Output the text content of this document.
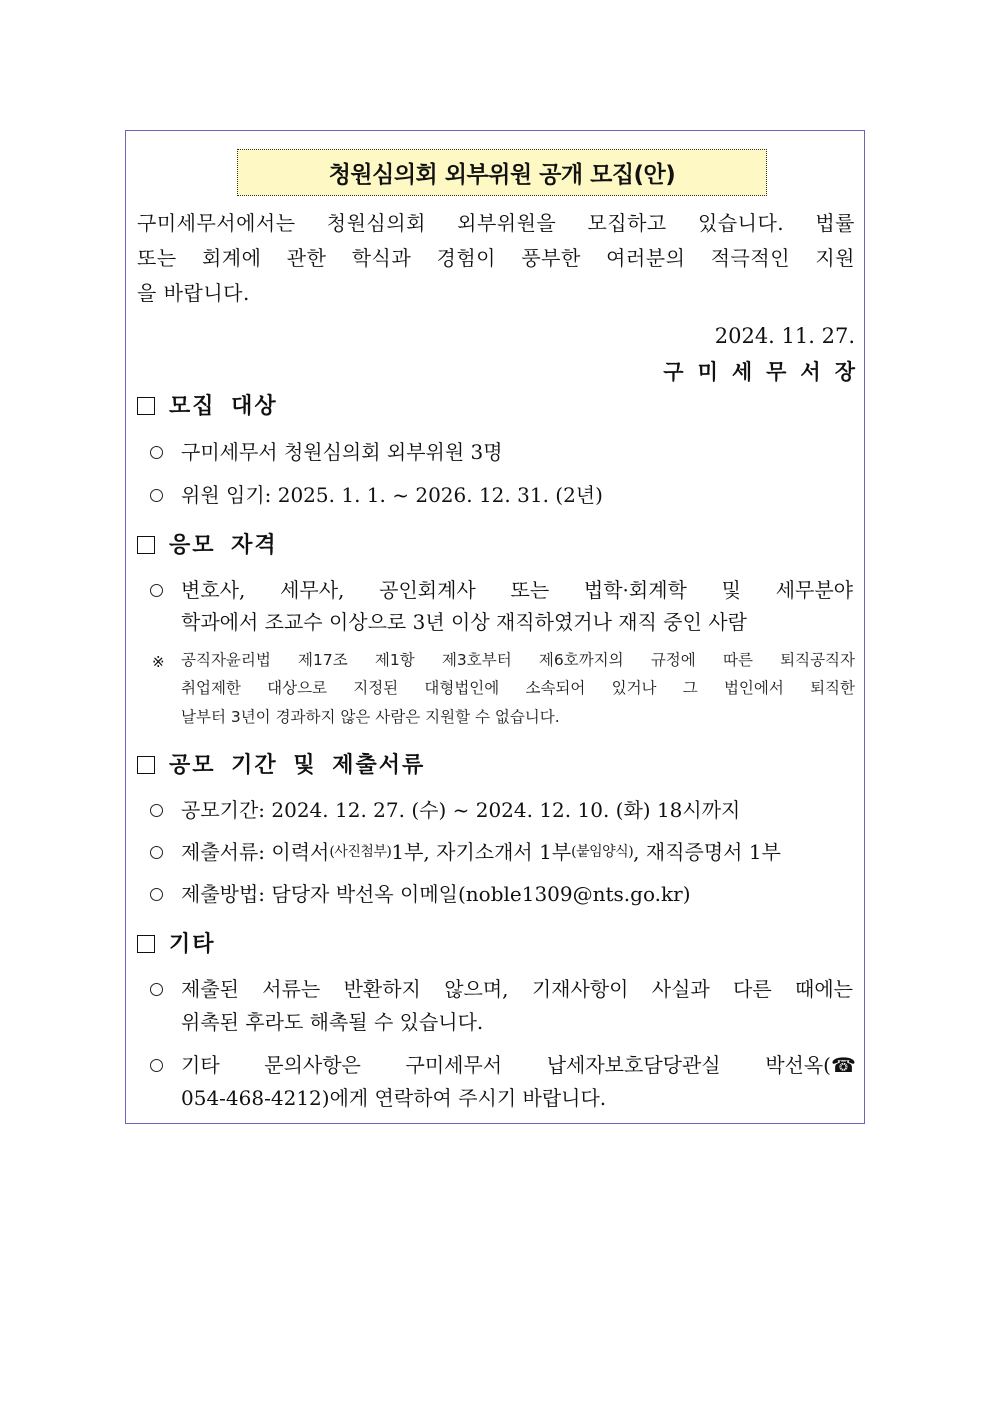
청원심의회 외부위원 공개 모집(안)
구미세무서에서는 청원심의회 외부위원을 모집하고 있습니다. 법률
또는 회계에 관한 학식과 경험이 풍부한 여러분의 적극적인 지원
을 바랍니다.
2024. 11. 27.
구미세무서장
모집 대상
구미세무서 청원심의회 외부위원 3명
위원 임기: 2025. 1. 1. ~ 2026. 12. 31. (2년)
응모 자격
변호사, 세무사, 공인회계사 또는 법학·회계학 및 세무분야
학과에서 조교수 이상으로 3년 이상 재직하였거나 재직 중인 사람
※ 공직자윤리법 제17조 제1항 제3호부터 제6호까지의 규정에 따른 퇴직공직자
취업제한 대상으로 지정된 대형법인에 소속되어 있거나 그 법인에서 퇴직한
날부터 3년이 경과하지 않은 사람은 지원할 수 없습니다.
공모 기간 및 제출서류
공모기간: 2024. 12. 27. (수) ~ 2024. 12. 10. (화) 18시까지
제출서류: 이력서 (사진첨부) 1부, 자기소개서 1부 (붙임양식) , 재직증명서 1부
제출방법: 담당자 박선옥 이메일(noble1309@nts.go.kr)
기타
제출된 서류는 반환하지 않으며, 기재사항이 사실과 다른 때에는
위촉된 후라도 해촉될 수 있습니다.
기타 문의사항은 구미세무서 납세자보호담당관실 박선옥( ☎
054-468-4212)에게 연락하여 주시기 바랍니다.
